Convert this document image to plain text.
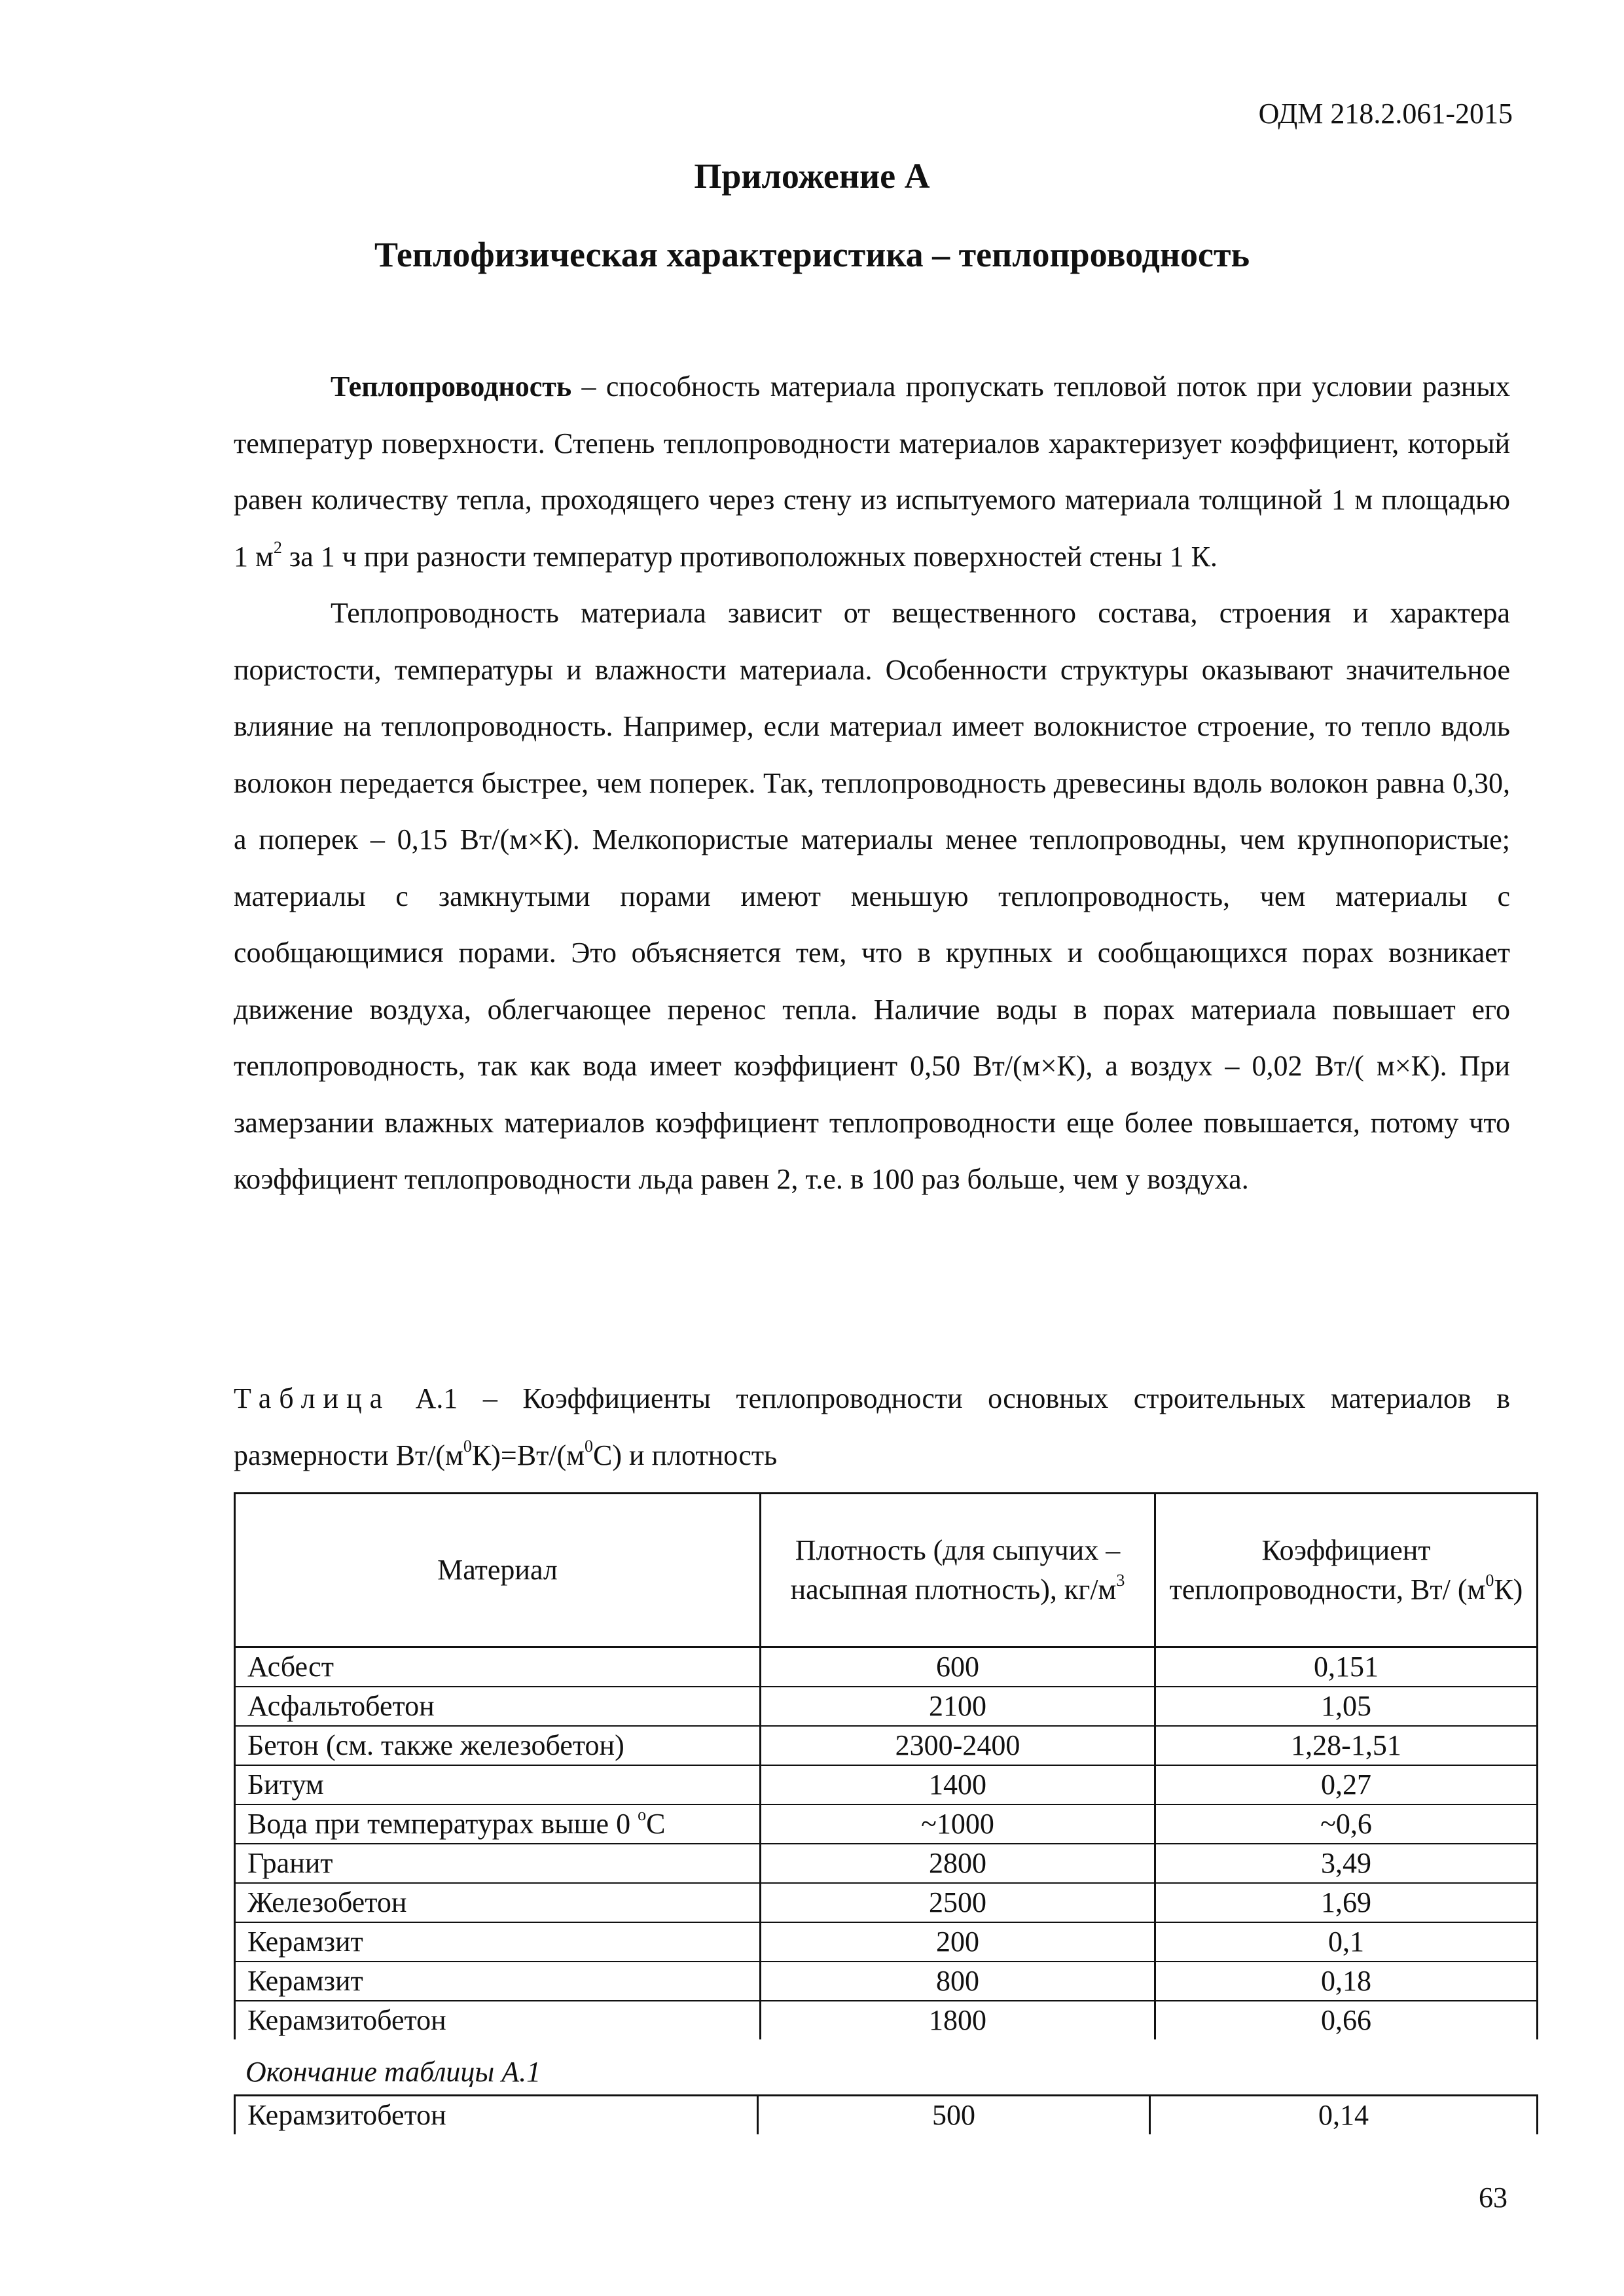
ОДМ 218.2.061-2015
Приложение А
Теплофизическая характеристика – теплопроводность

Теплопроводность – способность материала пропускать тепловой поток при условии разных температур поверхности. Степень теплопроводности материалов характеризует коэффициент, который равен количеству тепла, проходящего через стену из испытуемого материала толщиной 1 м площадью 1 $м^2$ за 1 ч при разности температур противоположных поверхностей стены 1 К.

Теплопроводность материала зависит от вещественного состава, строения и характера пористости, температуры и влажности материала. Особенности структуры оказывают значительное влияние на теплопроводность. Например, если материал имеет волокнистое строение, то тепло вдоль волокон передается быстрее, чем поперек. Так, теплопроводность древесины вдоль волокон равна 0,30, а поперек – 0,15 Вт/(м×К). Мелкопористые материалы менее теплопроводны, чем крупнопористые; материалы с замкнутыми порами имеют меньшую теплопроводность, чем материалы с сообщающимися порами. Это объясняется тем, что в крупных и сообщающихся порах возникает движение воздуха, облегчающее перенос тепла. Наличие воды в порах материала повышает его теплопроводность, так как вода имеет коэффициент 0,50 Вт/(м×К), а воздух – 0,02 Вт/( м×К). При замерзании влажных материалов коэффициент теплопроводности еще более повышается, потому что коэффициент теплопроводности льда равен 2, т.е. в 100 раз больше, чем у воздуха.

Таблица А.1 – Коэффициенты теплопроводности основных строительных материалов в размерности $Вт/(м^0К)=Вт/(м^0С)$ и плотность
Материал	Плотность (для сыпучих – насыпная плотность), $кг/м^3$	Коэффициент теплопроводности, Вт/ $(м^0К)$
Асбест	600	0,151
Асфальтобетон	2100	1,05
Бетон (см. также железобетон)	2300-2400	1,28-1,51
Битум	1400	0,27
Вода при температурах выше 0 $^о$С	~1000	~0,6
Гранит	2800	3,49
Железобетон	2500	1,69
Керамзит	200	0,1
Керамзит	800	0,18
Керамзитобетон	1800	0,66
Окончание таблицы А.1
Керамзитобетон	500	0,14
63
